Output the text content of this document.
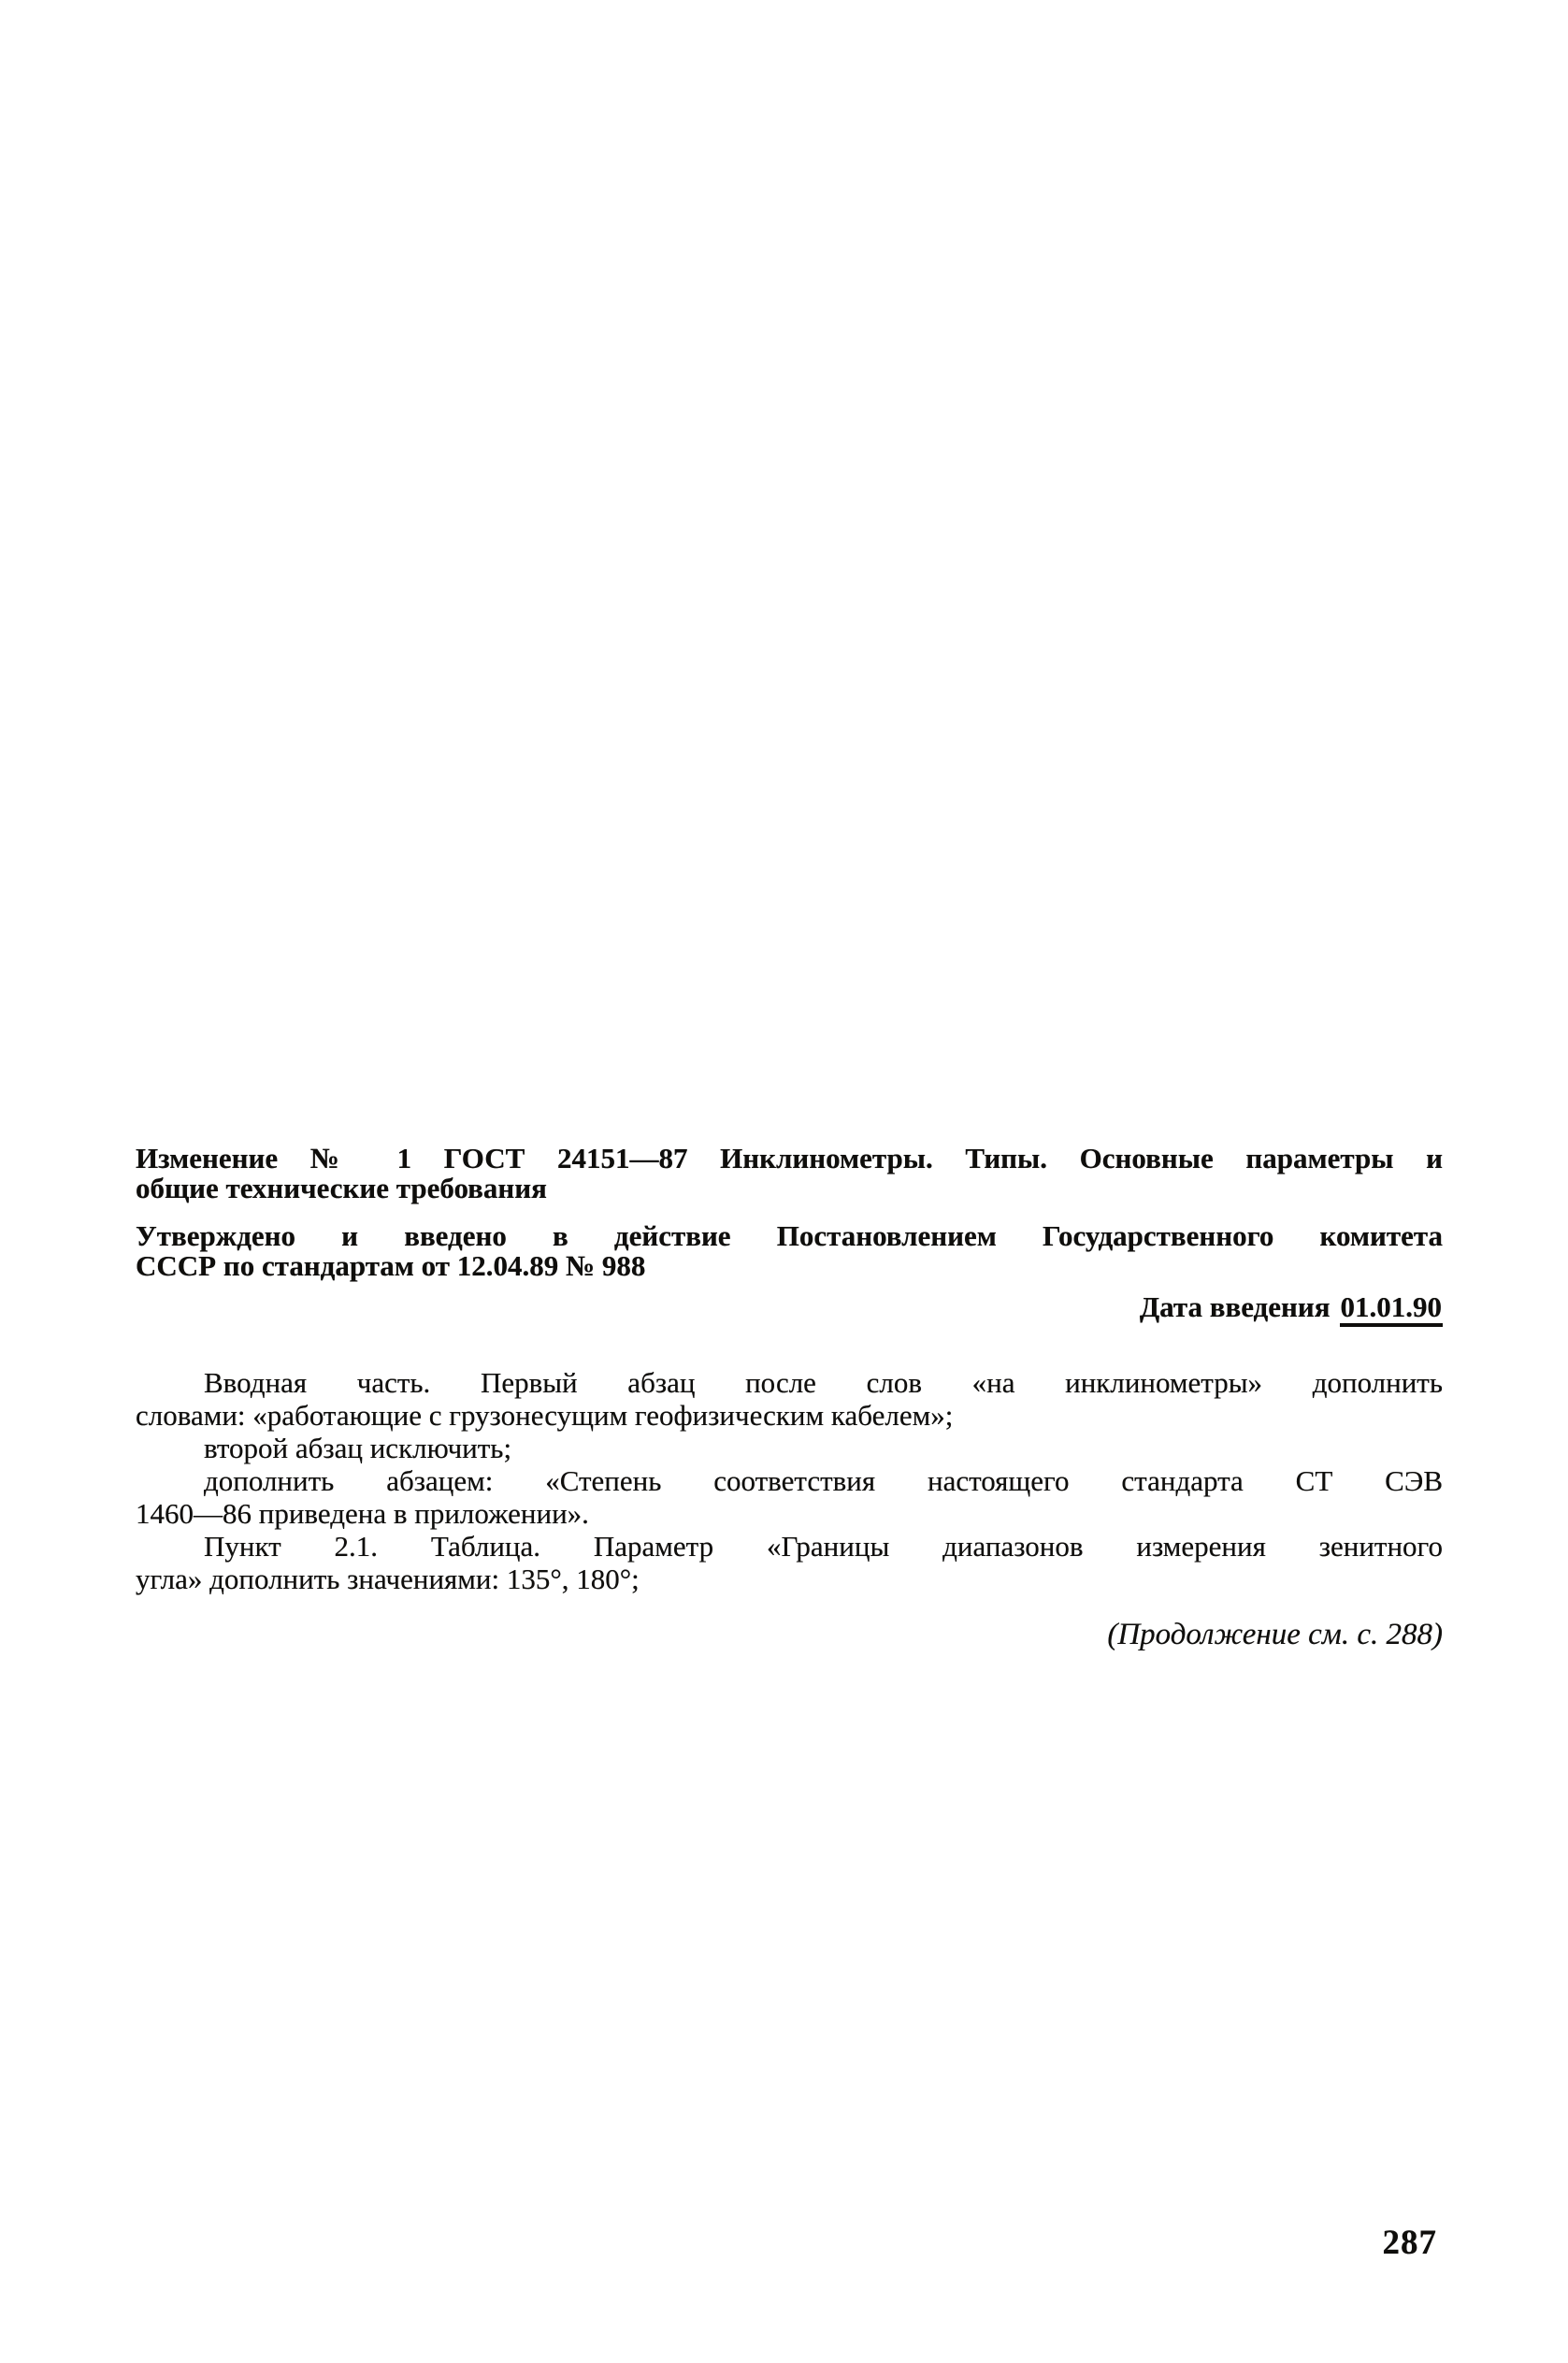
Изменение № 1 ГОСТ 24151—87 Инклинометры. Типы. Основные параметры и
общие технические требования
Утверждено и введено в действие Постановлением Государственного комитета
СССР по стандартам от 12.04.89 № 988
Дата введения 01.01.90
Вводная часть. Первый абзац после слов «на инклинометры» дополнить
словами: «работающие с грузонесущим геофизическим кабелем»;
второй абзац исключить;
дополнить абзацем: «Степень соответствия настоящего стандарта СТ СЭВ
1460—86 приведена в приложении».
Пункт 2.1. Таблица. Параметр «Границы диапазонов измерения зенитного
угла» дополнить значениями: 135°, 180°;
(Продолжение см. с. 288)
287
